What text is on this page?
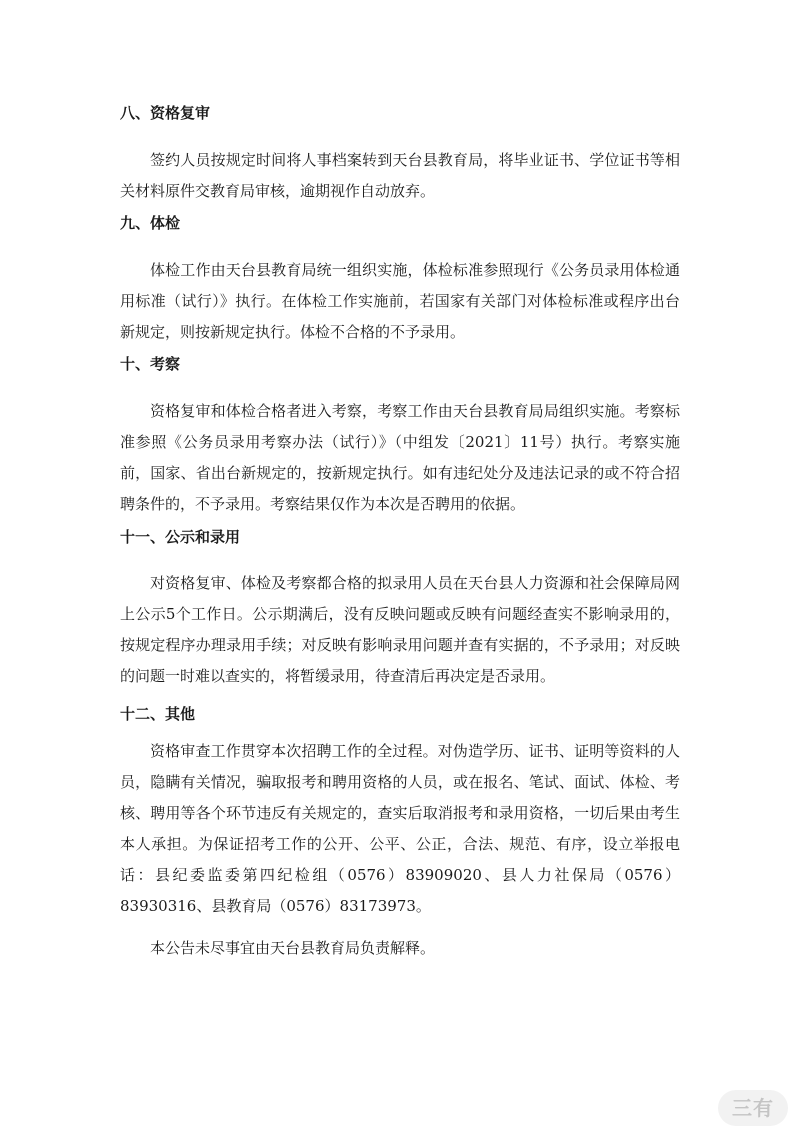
八、资格复审
签约人员按规定时间将人事档案转到天台县教育局，将毕业证书、学位证书等相关材料原件交教育局审核，逾期视作自动放弃。
九、体检
体检工作由天台县教育局统一组织实施，体检标准参照现行《公务员录用体检通用标准（试行）》执行。在体检工作实施前，若国家有关部门对体检标准或程序出台新规定，则按新规定执行。体检不合格的不予录用。
十、考察
资格复审和体检合格者进入考察，考察工作由天台县教育局局组织实施。考察标准参照《公务员录用考察办法（试行）》（中组发〔2021〕11号）执行。考察实施前，国家、省出台新规定的，按新规定执行。如有违纪处分及违法记录的或不符合招聘条件的，不予录用。考察结果仅作为本次是否聘用的依据。
十一、公示和录用
对资格复审、体检及考察都合格的拟录用人员在天台县人力资源和社会保障局网上公示5个工作日。公示期满后，没有反映问题或反映有问题经查实不影响录用的，按规定程序办理录用手续；对反映有影响录用问题并查有实据的，不予录用；对反映的问题一时难以查实的，将暂缓录用，待查清后再决定是否录用。
十二、其他
资格审查工作贯穿本次招聘工作的全过程。对伪造学历、证书、证明等资料的人员，隐瞒有关情况，骗取报考和聘用资格的人员，或在报名、笔试、面试、体检、考核、聘用等各个环节违反有关规定的，查实后取消报考和录用资格，一切后果由考生本人承担。为保证招考工作的公开、公平、公正，合法、规范、有序，设立举报电话：县纪委监委第四纪检组（0576）83909020、县人力社保局（0576）83930316、县教育局（0576）83173973。
本公告未尽事宜由天台县教育局负责解释。
三有
